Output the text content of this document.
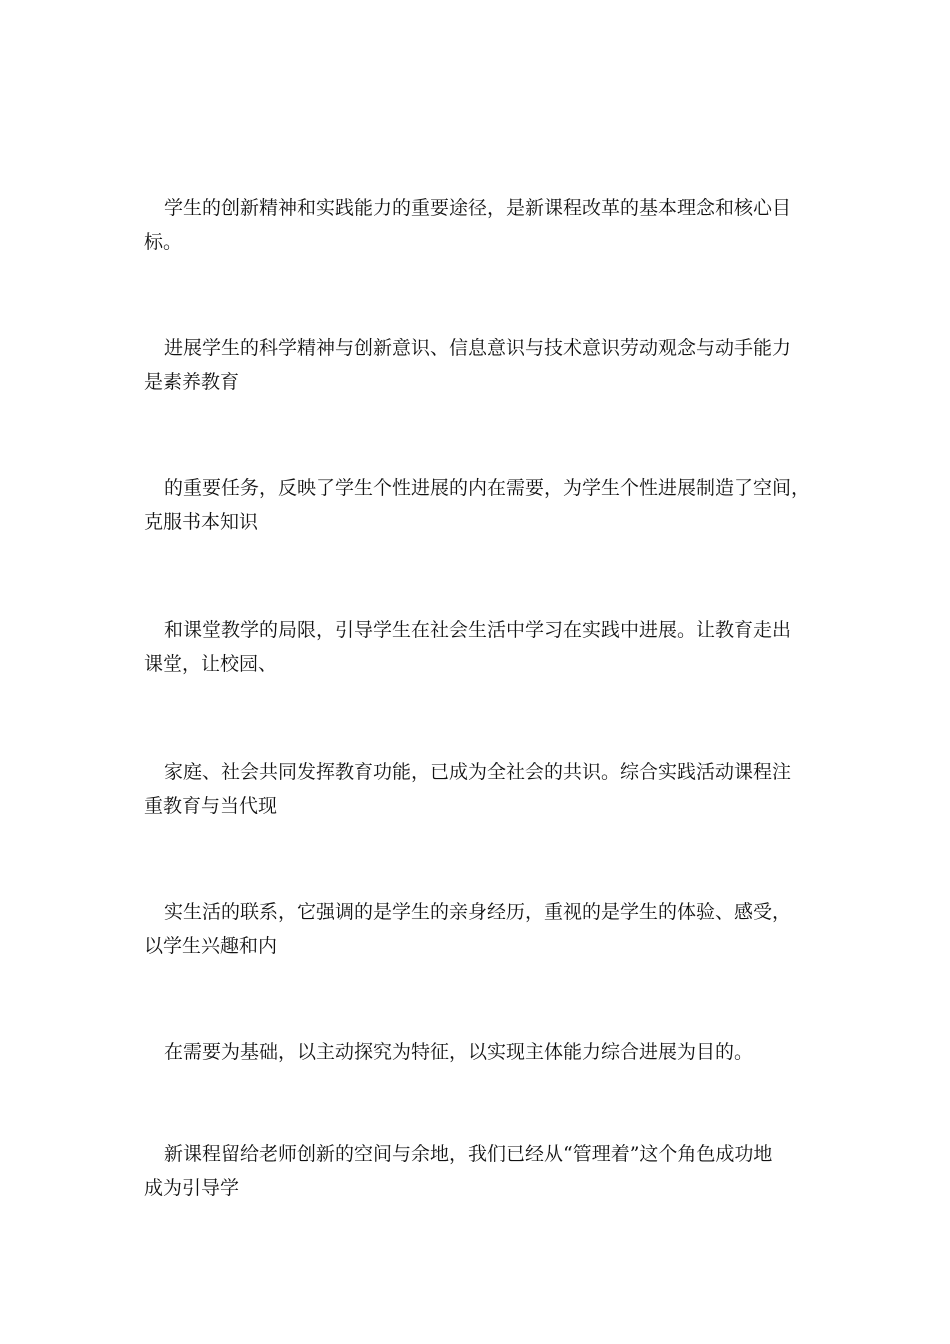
学生的创新精神和实践能力的重要途径，是新课程改革的基本理念和核心目
标。

进展学生的科学精神与创新意识、信息意识与技术意识劳动观念与动手能力
是素养教育

的重要任务，反映了学生个性进展的内在需要，为学生个性进展制造了空间，
克服书本知识

和课堂教学的局限，引导学生在社会生活中学习在实践中进展。让教育走出
课堂，让校园、

家庭、社会共同发挥教育功能，已成为全社会的共识。综合实践活动课程注
重教育与当代现

实生活的联系，它强调的是学生的亲身经历，重视的是学生的体验、感受，
以学生兴趣和内

在需要为基础，以主动探究为特征，以实现主体能力综合进展为目的。

新课程留给老师创新的空间与余地，我们已经从“管理着”这个角色成功地
成为引导学
